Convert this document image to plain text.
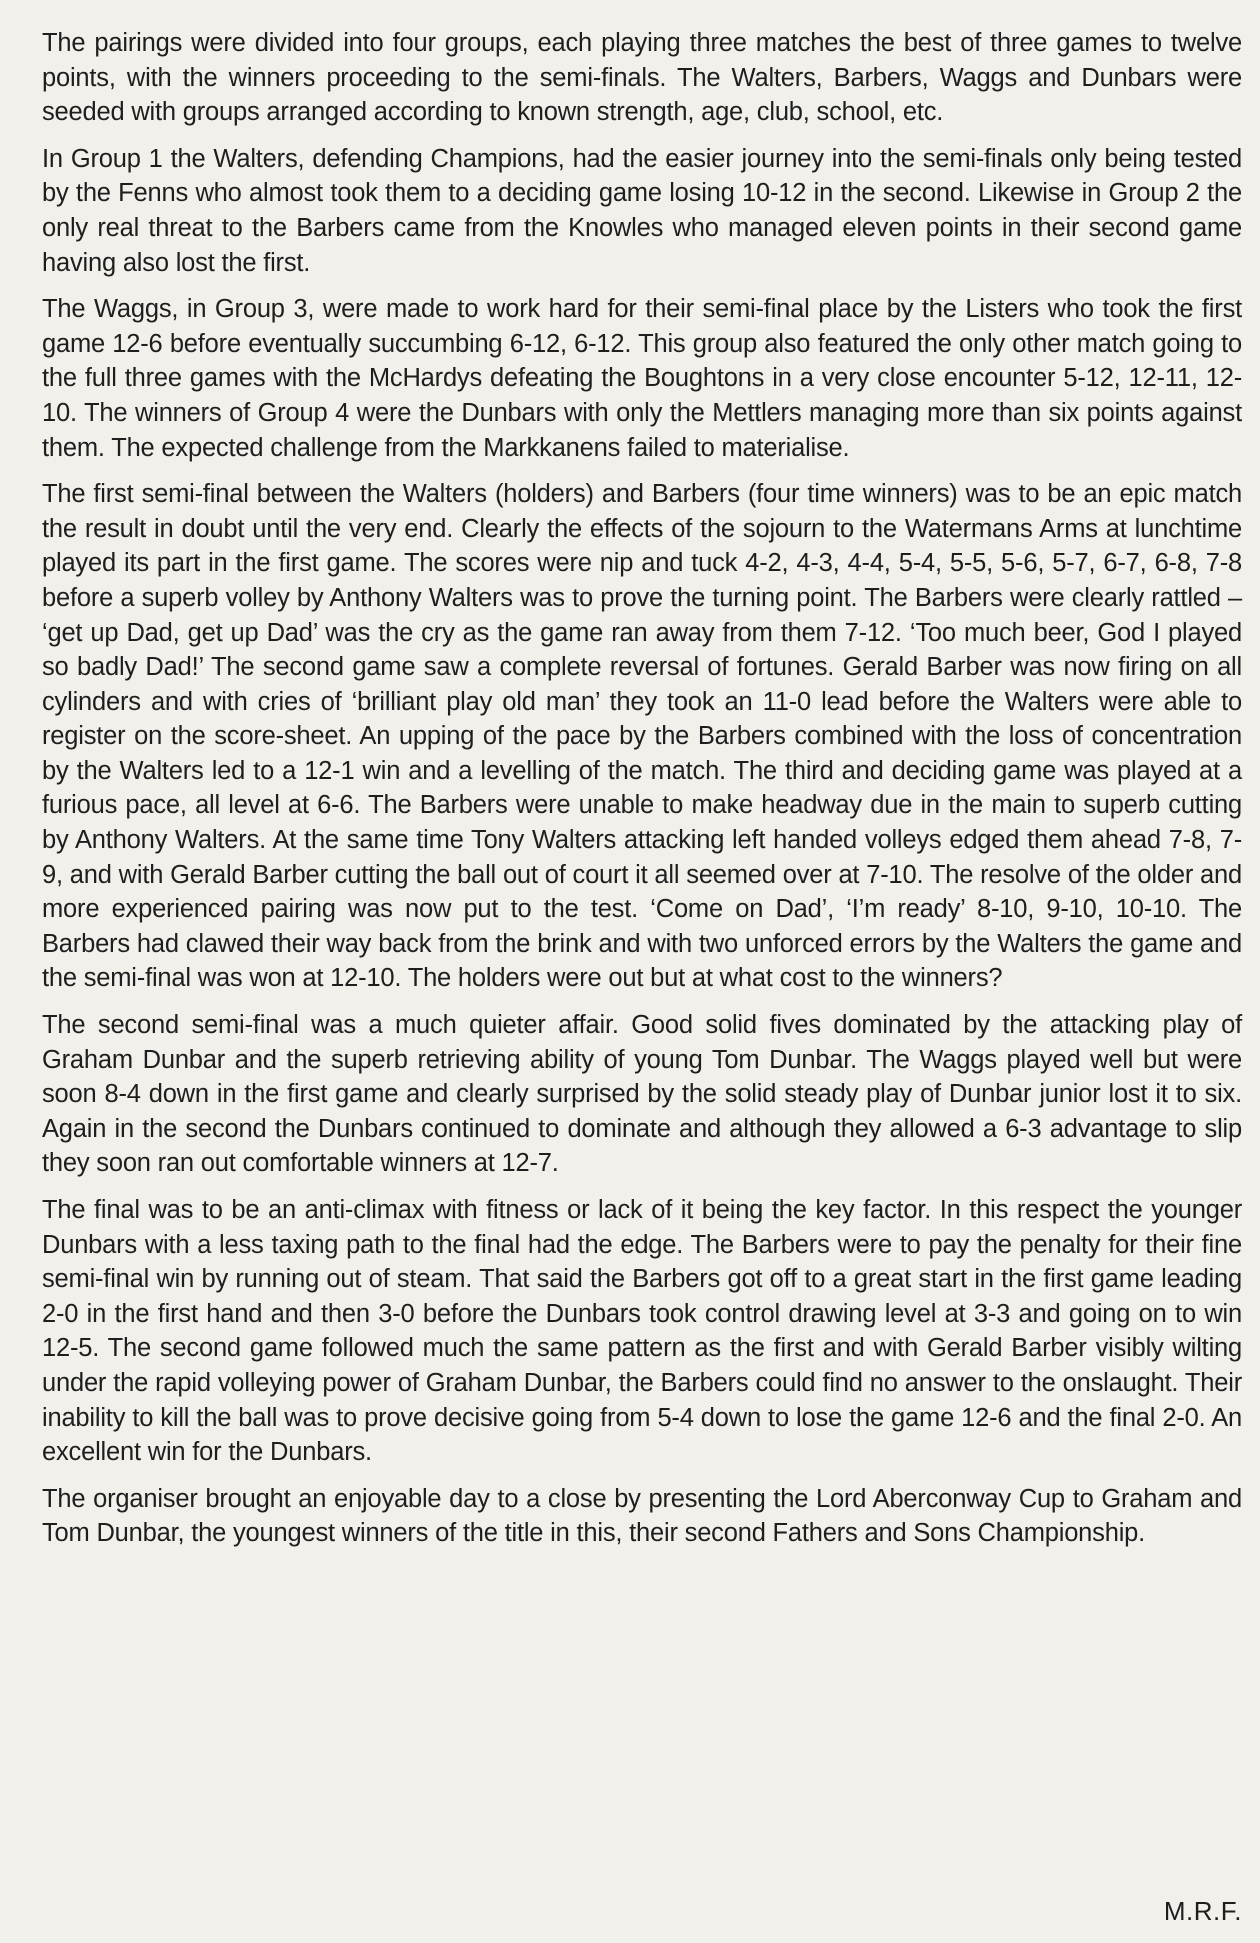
The pairings were divided into four groups, each playing three matches the best of three games to twelve points, with the winners proceeding to the semi-finals. The Walters, Barbers, Waggs and Dunbars were seeded with groups arranged according to known strength, age, club, school, etc.

In Group 1 the Walters, defending Champions, had the easier journey into the semi-finals only being tested by the Fenns who almost took them to a deciding game losing 10-12 in the second. Likewise in Group 2 the only real threat to the Barbers came from the Knowles who managed eleven points in their second game having also lost the first.

The Waggs, in Group 3, were made to work hard for their semi-final place by the Listers who took the first game 12-6 before eventually succumbing 6-12, 6-12. This group also featured the only other match going to the full three games with the McHardys defeating the Boughtons in a very close encounter 5-12, 12-11, 12-10. The winners of Group 4 were the Dunbars with only the Mettlers managing more than six points against them. The expected challenge from the Markkanens failed to materialise.

The first semi-final between the Walters (holders) and Barbers (four time winners) was to be an epic match the result in doubt until the very end. Clearly the effects of the sojourn to the Watermans Arms at lunchtime played its part in the first game. The scores were nip and tuck 4-2, 4-3, 4-4, 5-4, 5-5, 5-6, 5-7, 6-7, 6-8, 7-8 before a superb volley by Anthony Walters was to prove the turning point. The Barbers were clearly rattled – ‘get up Dad, get up Dad’ was the cry as the game ran away from them 7-12. ‘Too much beer, God I played so badly Dad!’ The second game saw a complete reversal of fortunes. Gerald Barber was now firing on all cylinders and with cries of ‘brilliant play old man’ they took an 11-0 lead before the Walters were able to register on the score-sheet. An upping of the pace by the Barbers combined with the loss of concentration by the Walters led to a 12-1 win and a levelling of the match. The third and deciding game was played at a furious pace, all level at 6-6. The Barbers were unable to make headway due in the main to superb cutting by Anthony Walters. At the same time Tony Walters attacking left handed volleys edged them ahead 7-8, 7-9, and with Gerald Barber cutting the ball out of court it all seemed over at 7-10. The resolve of the older and more experienced pairing was now put to the test. ‘Come on Dad’, ‘I’m ready’ 8-10, 9-10, 10-10. The Barbers had clawed their way back from the brink and with two unforced errors by the Walters the game and the semi-final was won at 12-10. The holders were out but at what cost to the winners?

The second semi-final was a much quieter affair. Good solid fives dominated by the attacking play of Graham Dunbar and the superb retrieving ability of young Tom Dunbar. The Waggs played well but were soon 8-4 down in the first game and clearly surprised by the solid steady play of Dunbar junior lost it to six. Again in the second the Dunbars continued to dominate and although they allowed a 6-3 advantage to slip they soon ran out comfortable winners at 12-7.

The final was to be an anti-climax with fitness or lack of it being the key factor. In this respect the younger Dunbars with a less taxing path to the final had the edge. The Barbers were to pay the penalty for their fine semi-final win by running out of steam. That said the Barbers got off to a great start in the first game leading 2-0 in the first hand and then 3-0 before the Dunbars took control drawing level at 3-3 and going on to win 12-5. The second game followed much the same pattern as the first and with Gerald Barber visibly wilting under the rapid volleying power of Graham Dunbar, the Barbers could find no answer to the onslaught. Their inability to kill the ball was to prove decisive going from 5-4 down to lose the game 12-6 and the final 2-0. An excellent win for the Dunbars.

The organiser brought an enjoyable day to a close by presenting the Lord Aberconway Cup to Graham and Tom Dunbar, the youngest winners of the title in this, their second Fathers and Sons Championship.

M.R.F.
